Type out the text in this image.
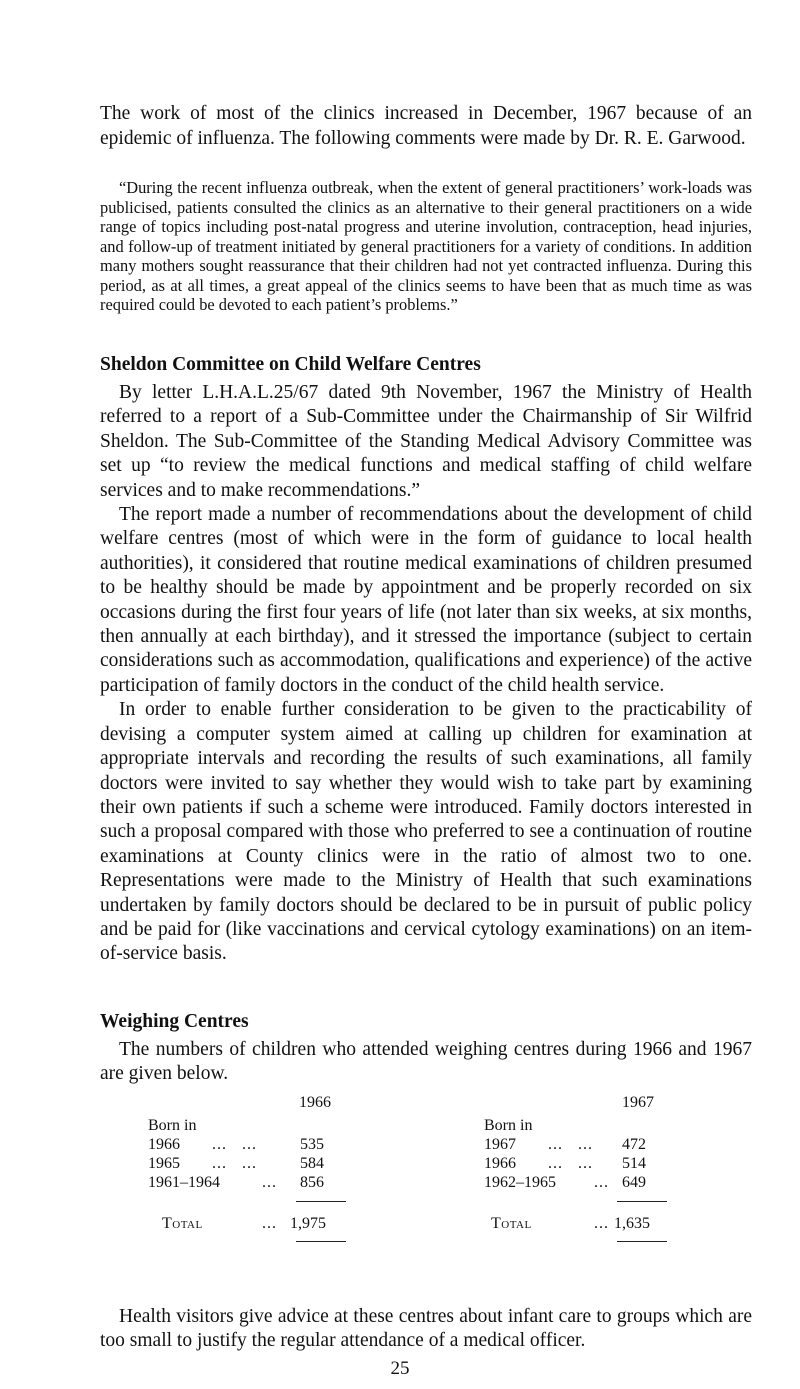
The work of most of the clinics increased in December, 1967 because of an epidemic of influenza. The following comments were made by Dr. R. E. Garwood.

“During the recent influenza outbreak, when the extent of general practitioners’ work-loads was publicised, patients consulted the clinics as an alternative to their general practitioners on a wide range of topics including post-natal progress and uterine involution, contraception, head injuries, and follow-up of treatment initiated by general practitioners for a variety of conditions. In addition many mothers sought reassurance that their children had not yet contracted influenza. During this period, as at all times, a great appeal of the clinics seems to have been that as much time as was required could be devoted to each patient’s problems.”

Sheldon Committee on Child Welfare Centres

By letter L.H.A.L.25/67 dated 9th November, 1967 the Ministry of Health referred to a report of a Sub-Committee under the Chairmanship of Sir Wilfrid Sheldon. The Sub-Committee of the Standing Medical Advisory Committee was set up “to review the medical functions and medical staffing of child welfare services and to make recommendations.”

The report made a number of recommendations about the development of child welfare centres (most of which were in the form of guidance to local health authorities), it considered that routine medical examinations of children presumed to be healthy should be made by appointment and be properly recorded on six occasions during the first four years of life (not later than six weeks, at six months, then annually at each birthday), and it stressed the importance (subject to certain considerations such as accommodation, qualifications and experience) of the active participation of family doctors in the conduct of the child health service.

In order to enable further consideration to be given to the practicability of devising a computer system aimed at calling up children for examination at appropriate intervals and recording the results of such examinations, all family doctors were invited to say whether they would wish to take part by examining their own patients if such a scheme were introduced. Family doctors interested in such a proposal compared with those who preferred to see a continuation of routine examinations at County clinics were in the ratio of almost two to one. Representations were made to the Ministry of Health that such examinations undertaken by family doctors should be declared to be in pursuit of public policy and be paid for (like vaccinations and cervical cytology examinations) on an item-of-service basis.

Weighing Centres

The numbers of children who attended weighing centres during 1966 and 1967 are given below.

1966
Born in
1966 ...   ...	535
1965 ...   ...	584
1961–1964	... 856
Total	... 1,975
1967
Born in
1967 ...   ... 472
1966 ...   ... 514
1962–1965 ... 649
Total	... 1,635

Health visitors give advice at these centres about infant care to groups which are too small to justify the regular attendance of a medical officer.

25
